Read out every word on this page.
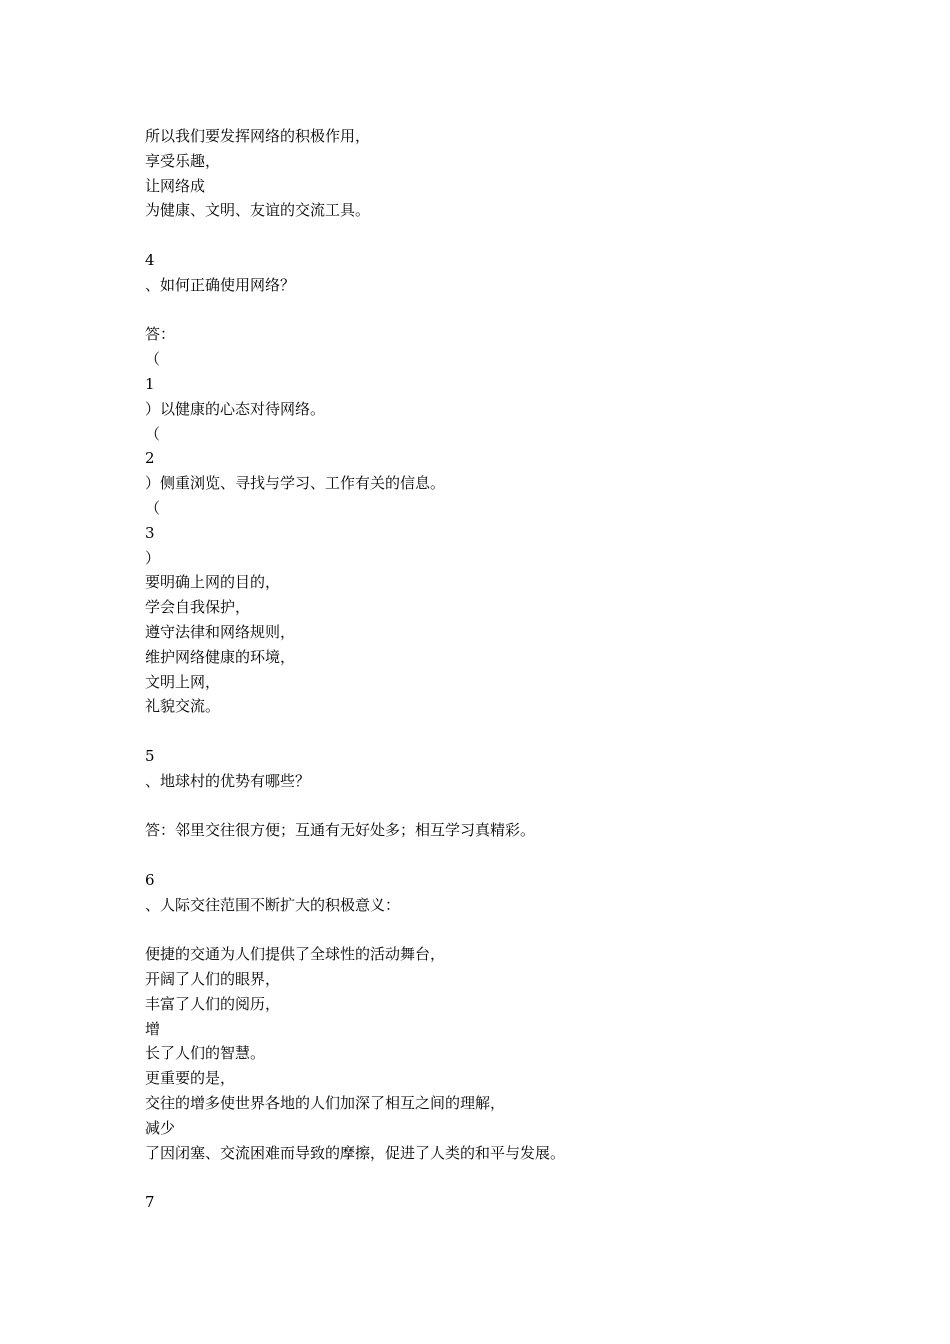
所以我们要发挥网络的积极作用，
享受乐趣，
让网络成
为健康、文明、友谊的交流工具。
4
、如何正确使用网络？
答：
（
1
）以健康的心态对待网络。
（
2
）侧重浏览、寻找与学习、工作有关的信息。
（
3
）
要明确上网的目的，
学会自我保护，
遵守法律和网络规则，
维护网络健康的环境，
文明上网，
礼貌交流。
5
、地球村的优势有哪些？
答：邻里交往很方便；互通有无好处多；相互学习真精彩。
6
、人际交往范围不断扩大的积极意义：
便捷的交通为人们提供了全球性的活动舞台，
开阔了人们的眼界，
丰富了人们的阅历，
增
长了人们的智慧。
更重要的是，
交往的增多使世界各地的人们加深了相互之间的理解，
减少
了因闭塞、交流困难而导致的摩擦，促进了人类的和平与发展。
7
